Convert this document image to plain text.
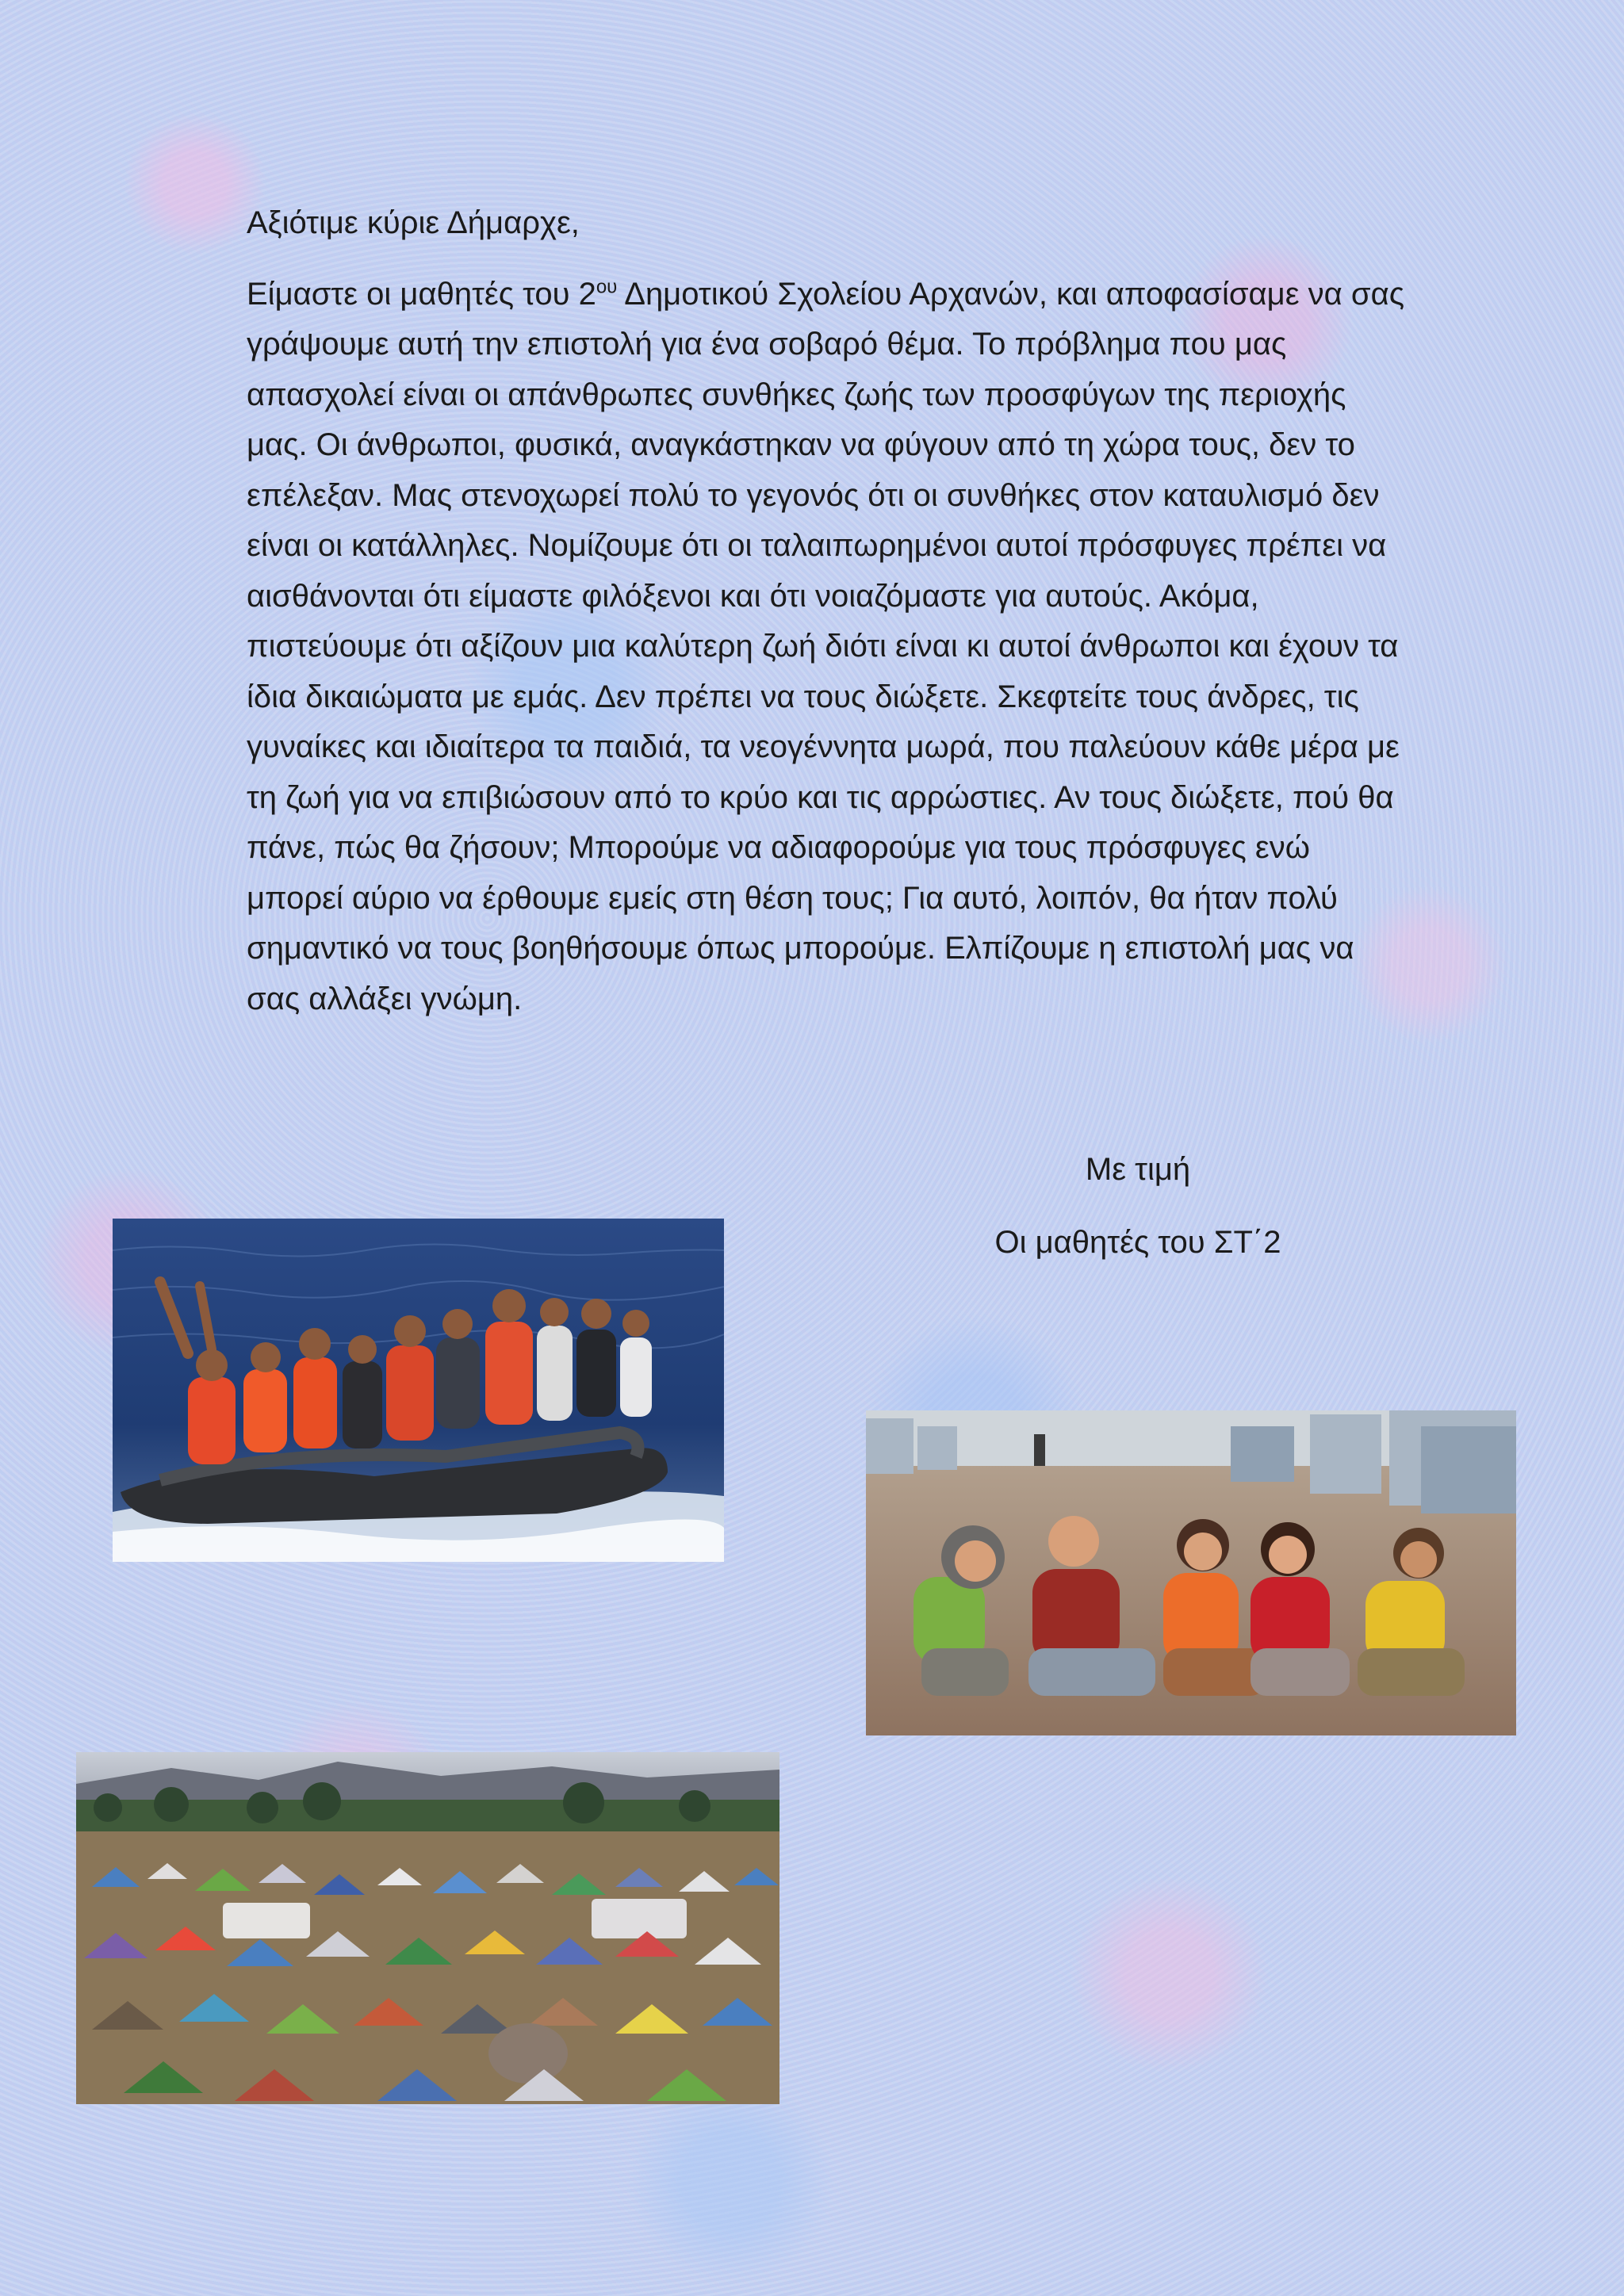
Αξιότιμε κύριε Δήμαρχε,

Είμαστε οι μαθητές του $2^{o\upsilon}$ Δημοτικού Σχολείου Αρχανών, και αποφασίσαμε να σας γράψουμε αυτή την επιστολή για ένα σοβαρό θέμα. Το πρόβλημα που μας απασχολεί είναι οι απάνθρωπες συνθήκες ζωής των προσφύγων της περιοχής μας. Οι άνθρωποι, φυσικά, αναγκάστηκαν να φύγουν από τη χώρα τους, δεν το επέλεξαν. Μας στενοχωρεί πολύ το γεγονός ότι οι συνθήκες στον καταυλισμό δεν είναι οι κατάλληλες. Νομίζουμε ότι οι ταλαιπωρημένοι αυτοί πρόσφυγες πρέπει να αισθάνονται ότι είμαστε φιλόξενοι και ότι νοιαζόμαστε για αυτούς. Ακόμα, πιστεύουμε ότι αξίζουν μια καλύτερη ζωή διότι είναι κι αυτοί άνθρωποι και έχουν τα ίδια δικαιώματα με εμάς. Δεν πρέπει να τους διώξετε. Σκεφτείτε τους άνδρες, τις γυναίκες και ιδιαίτερα τα παιδιά, τα νεογέννητα μωρά, που παλεύουν κάθε μέρα με τη ζωή για να επιβιώσουν από το κρύο και τις αρρώστιες. Αν τους διώξετε, πού θα πάνε, πώς θα ζήσουν; Μπορούμε να αδιαφορούμε για τους πρόσφυγες ενώ μπορεί αύριο να έρθουμε εμείς στη θέση τους; Για αυτό, λοιπόν, θα ήταν πολύ σημαντικό να τους βοηθήσουμε όπως μπορούμε. Ελπίζουμε η επιστολή μας να σας αλλάξει γνώμη.

Με τιμή
Οι μαθητές του ΣΤ΄2
